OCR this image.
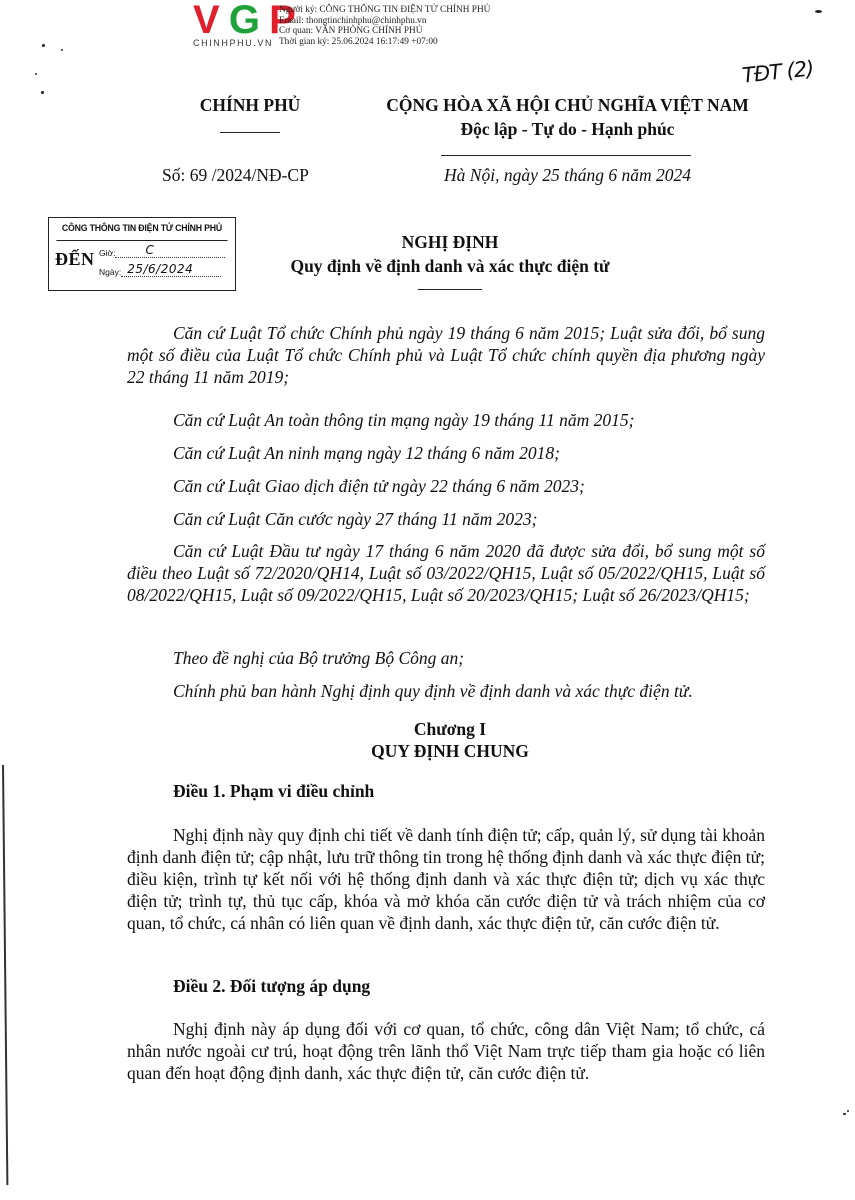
V G P
CHINHPHU.VN
Người ký: CÔNG THÔNG TIN ĐIỆN TỬ CHÍNH PHỦ
Email: thongtinchinhphu@chinhphu.vn
Cơ quan: VĂN PHÒNG CHÍNH PHỦ
Thời gian ký: 25.06.2024 16:17:49 +07:00
TĐT (2)
CHÍNH PHỦ	CỘNG HÒA XÃ HỘI CHỦ NGHĨA VIỆT NAM
Độc lập - Tự do - Hạnh phúc
Số: 69 /2024/NĐ-CP	Hà Nội, ngày 25 tháng 6 năm 2024
CÔNG THÔNG TIN ĐIỆN TỬ CHÍNH PHỦ
ĐẾN Giờ:	C
Ngày: 25/6/2024
NGHỊ ĐỊNH
Quy định về định danh và xác thực điện tử
Căn cứ Luật Tổ chức Chính phủ ngày 19 tháng 6 năm 2015; Luật sửa đổi, bổ sung một số điều của Luật Tổ chức Chính phủ và Luật Tổ chức chính quyền địa phương ngày 22 tháng 11 năm 2019;
Căn cứ Luật An toàn thông tin mạng ngày 19 tháng 11 năm 2015;
Căn cứ Luật An ninh mạng ngày 12 tháng 6 năm 2018;
Căn cứ Luật Giao dịch điện tử ngày 22 tháng 6 năm 2023;
Căn cứ Luật Căn cước ngày 27 tháng 11 năm 2023;
Căn cứ Luật Đầu tư ngày 17 tháng 6 năm 2020 đã được sửa đổi, bổ sung một số điều theo Luật số 72/2020/QH14, Luật số 03/2022/QH15, Luật số 05/2022/QH15, Luật số 08/2022/QH15, Luật số 09/2022/QH15, Luật số 20/2023/QH15; Luật số 26/2023/QH15;
Theo đề nghị của Bộ trưởng Bộ Công an;
Chính phủ ban hành Nghị định quy định về định danh và xác thực điện tử.
Chương I
QUY ĐỊNH CHUNG
Điều 1. Phạm vi điều chỉnh
Nghị định này quy định chi tiết về danh tính điện tử; cấp, quản lý, sử dụng tài khoản định danh điện tử; cập nhật, lưu trữ thông tin trong hệ thống định danh và xác thực điện tử; điều kiện, trình tự kết nối với hệ thống định danh và xác thực điện tử; dịch vụ xác thực điện tử; trình tự, thủ tục cấp, khóa và mở khóa căn cước điện tử và trách nhiệm của cơ quan, tổ chức, cá nhân có liên quan về định danh, xác thực điện tử, căn cước điện tử.
Điều 2. Đối tượng áp dụng
Nghị định này áp dụng đối với cơ quan, tổ chức, công dân Việt Nam; tổ chức, cá nhân nước ngoài cư trú, hoạt động trên lãnh thổ Việt Nam trực tiếp tham gia hoặc có liên quan đến hoạt động định danh, xác thực điện tử, căn cước điện tử.
